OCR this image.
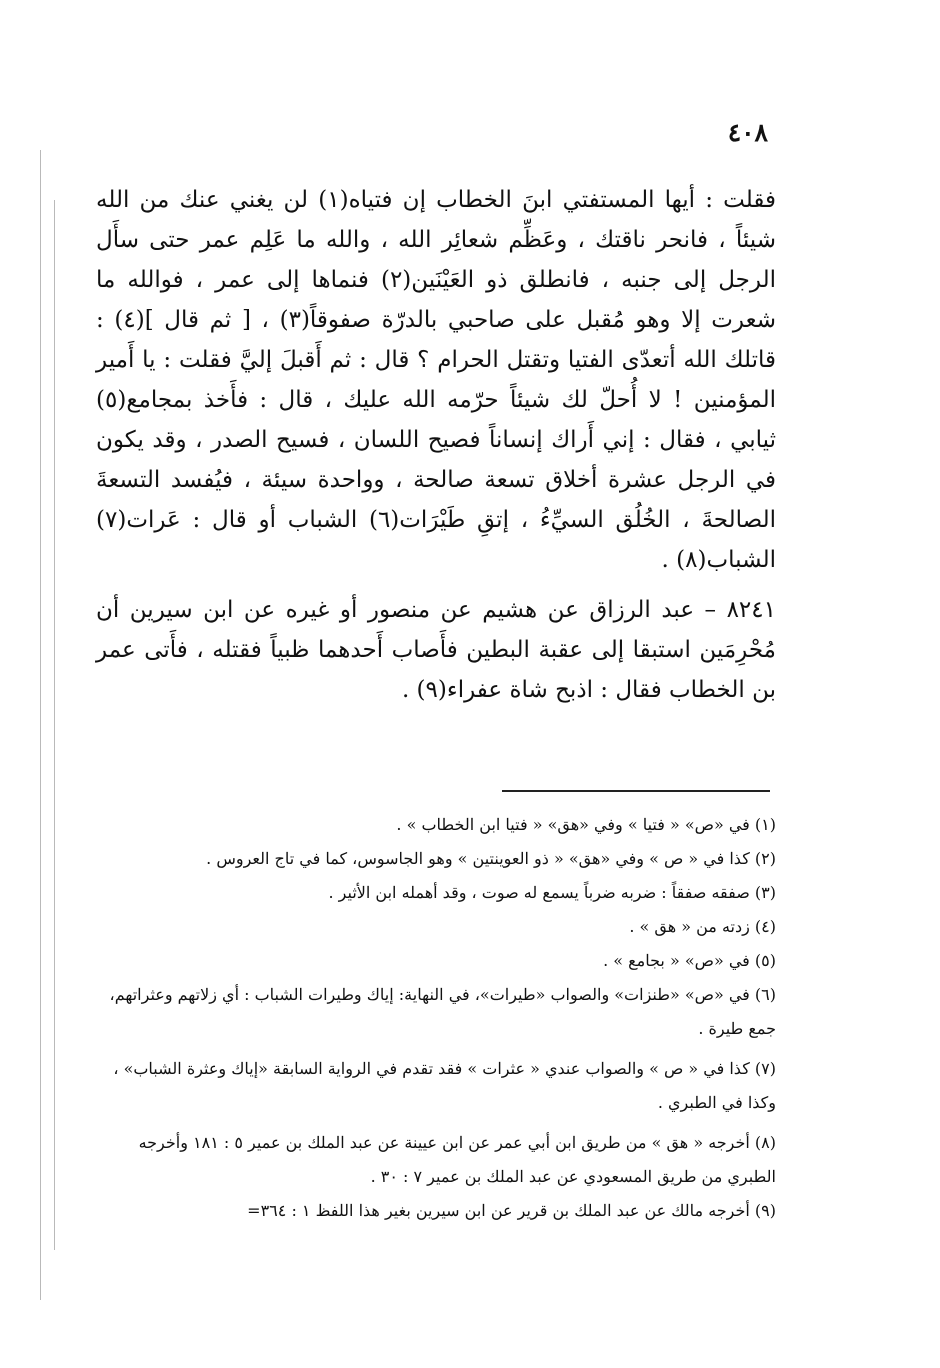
٤٠٨

فقلت : أيها المستفتي ابنَ الخطاب إن فتياه(١) لن يغني عنك من الله شيئاً ، فانحر ناقتك ، وعَظِّم شعائِر الله ، والله ما عَلِم عمر حتى سأَل الرجل إلى جنبه ، فانطلق ذو العَيْنَين(٢) فنماها إلى عمر ، فوالله ما شعرت إلا وهو مُقبل على صاحبي بالدرّة صفوقاً(٣) ، [ ثم قال ](٤) : قاتلك الله أتعدّى الفتيا وتقتل الحرام ؟ قال : ثم أَقبلَ إليَّ فقلت : يا أَمير المؤمنين ! لا أُحلّ لك شيئاً حرّمه الله عليك ، قال : فأَخذ بمجامع(٥) ثيابي ، فقال : إني أَراك إنساناً فصيح اللسان ، فسيح الصدر ، وقد يكون في الرجل عشرة أخلاق تسعة صالحة ، وواحدة سيئة ، فيُفسد التسعةَ الصالحةَ ، الخُلُق السيِّءُ ، إتقِ طَيْرَات(٦) الشباب أو قال : عَرات(٧) الشباب(٨) .

٨٢٤١ – عبد الرزاق عن هشيم عن منصور أو غيره عن ابن سيرين أن مُحْرِمَين استبقا إلى عقبة البطين فأَصاب أَحدهما ظبياً فقتله ، فأَتى عمر بن الخطاب فقال : اذبح شاة عفراء(٩) .

(١) في «ص» « فتيا » وفي «هق» « فتيا ابن الخطاب » .

(٢) كذا في « ص » وفي «هق» « ذو العوينتين » وهو الجاسوس، كما في تاج العروس .

(٣) صفقه صفقاً : ضربه ضرباً يسمع له صوت ، وقد أهمله ابن الأثير .

(٤) زدته من « هق » .

(٥) في «ص» « بجامع » .

(٦) في «ص» «طنزات» والصواب «طيرات»، في النهاية: إياك وطيرات الشباب : أي زلاتهم وعثراتهم، جمع طيرة .

(٧) كذا في « ص » والصواب عندي « عثرات » فقد تقدم في الرواية السابقة «إياك وعثرة الشباب» ، وكذا في الطبري .

(٨) أخرجه « هق » من طريق ابن أبي عمر عن ابن عيينة عن عبد الملك بن عمير ٥ : ١٨١ وأخرجه الطبري من طريق المسعودي عن عبد الملك بن عمير ٧ : ٣٠ .

(٩) أخرجه مالك عن عبد الملك بن قرير عن ابن سيرين بغير هذا اللفظ ١ : ٣٦٤=
